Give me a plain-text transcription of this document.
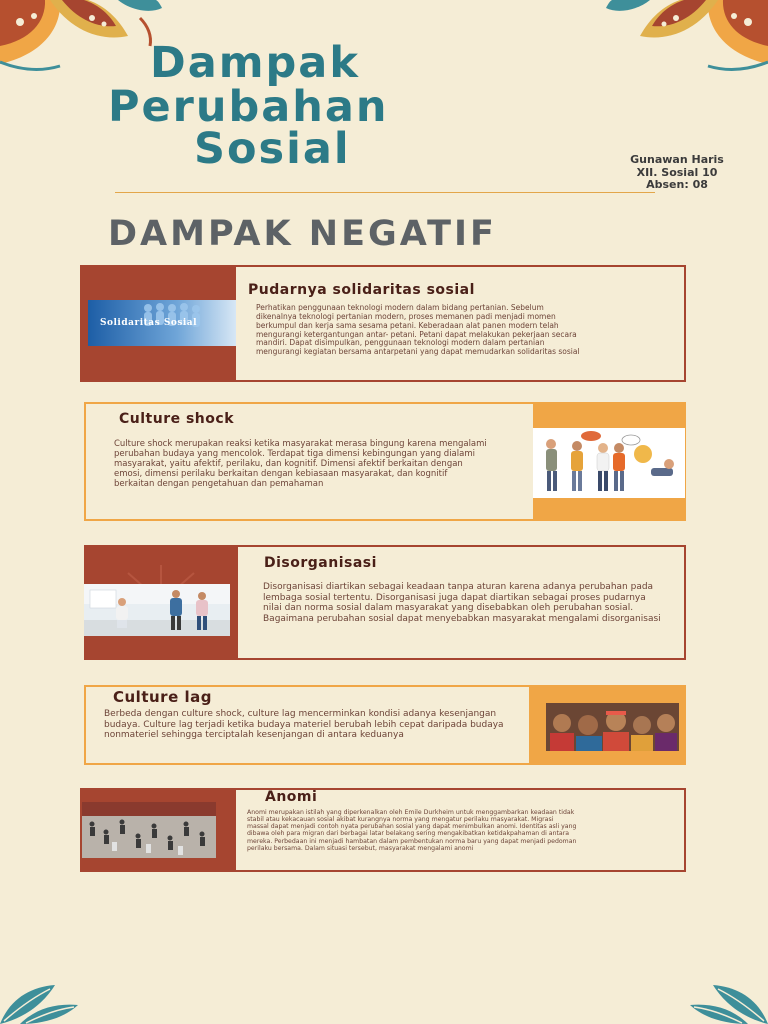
Dampak
Perubahan
Sosial	Gunawan Haris
XII. Sosial 10
Absen: 08
DAMPAK NEGATIF
Solidaritas Sosial
Pudarnya solidaritas sosial
Perhatikan penggunaan teknologi modern dalam bidang pertanian. Sebelum dikenalnya teknologi pertanian modern, proses memanen padi menjadi momen berkumpul dan kerja sama sesama petani. Keberadaan alat panen modern telah mengurangi ketergantungan antar- petani. Petani dapat melakukan pekerjaan secara mandiri. Dapat disimpulkan, penggunaan teknologi modern dalam pertanian mengurangi kegiatan bersama antarpetani yang dapat memudarkan solidaritas sosial
Culture shock
Culture shock merupakan reaksi ketika masyarakat merasa bingung karena mengalami perubahan budaya yang mencolok. Terdapat tiga dimensi kebingungan yang dialami masyarakat, yaitu afektif, perilaku, dan kognitif. Dimensi afektif berkaitan dengan emosi, dimensi perilaku berkaitan dengan kebiasaan masyarakat, dan kognitif berkaitan dengan pengetahuan dan pemahaman
Disorganisasi
Disorganisasi diartikan sebagai keadaan tanpa aturan karena adanya perubahan pada lembaga sosial tertentu. Disorganisasi juga dapat diartikan sebagai proses pudarnya nilai dan norma sosial dalam masyarakat yang disebabkan oleh perubahan sosial. Bagaimana perubahan sosial dapat menyebabkan masyarakat mengalami disorganisasi
Culture lag
Berbeda dengan culture shock, culture lag mencerminkan kondisi adanya kesenjangan budaya. Culture lag terjadi ketika budaya materiel berubah lebih cepat daripada budaya nonmateriel sehingga terciptalah kesenjangan di antara keduanya
Anomi
Anomi merupakan istilah yang diperkenalkan oleh Emile Durkheim untuk menggambarkan keadaan tidak stabil atau kekacauan sosial akibat kurangnya norma yang mengatur perilaku masyarakat. Migrasi massal dapat menjadi contoh nyata perubahan sosial yang dapat menimbulkan anomi. Identitas asli yang dibawa oleh para migran dari berbagai latar belakang sering mengakibatkan ketidakpahaman di antara mereka. Perbedaan ini menjadi hambatan dalam pembentukan norma baru yang dapat menjadi pedoman perilaku bersama. Dalam situasi tersebut, masyarakat mengalami anomi
